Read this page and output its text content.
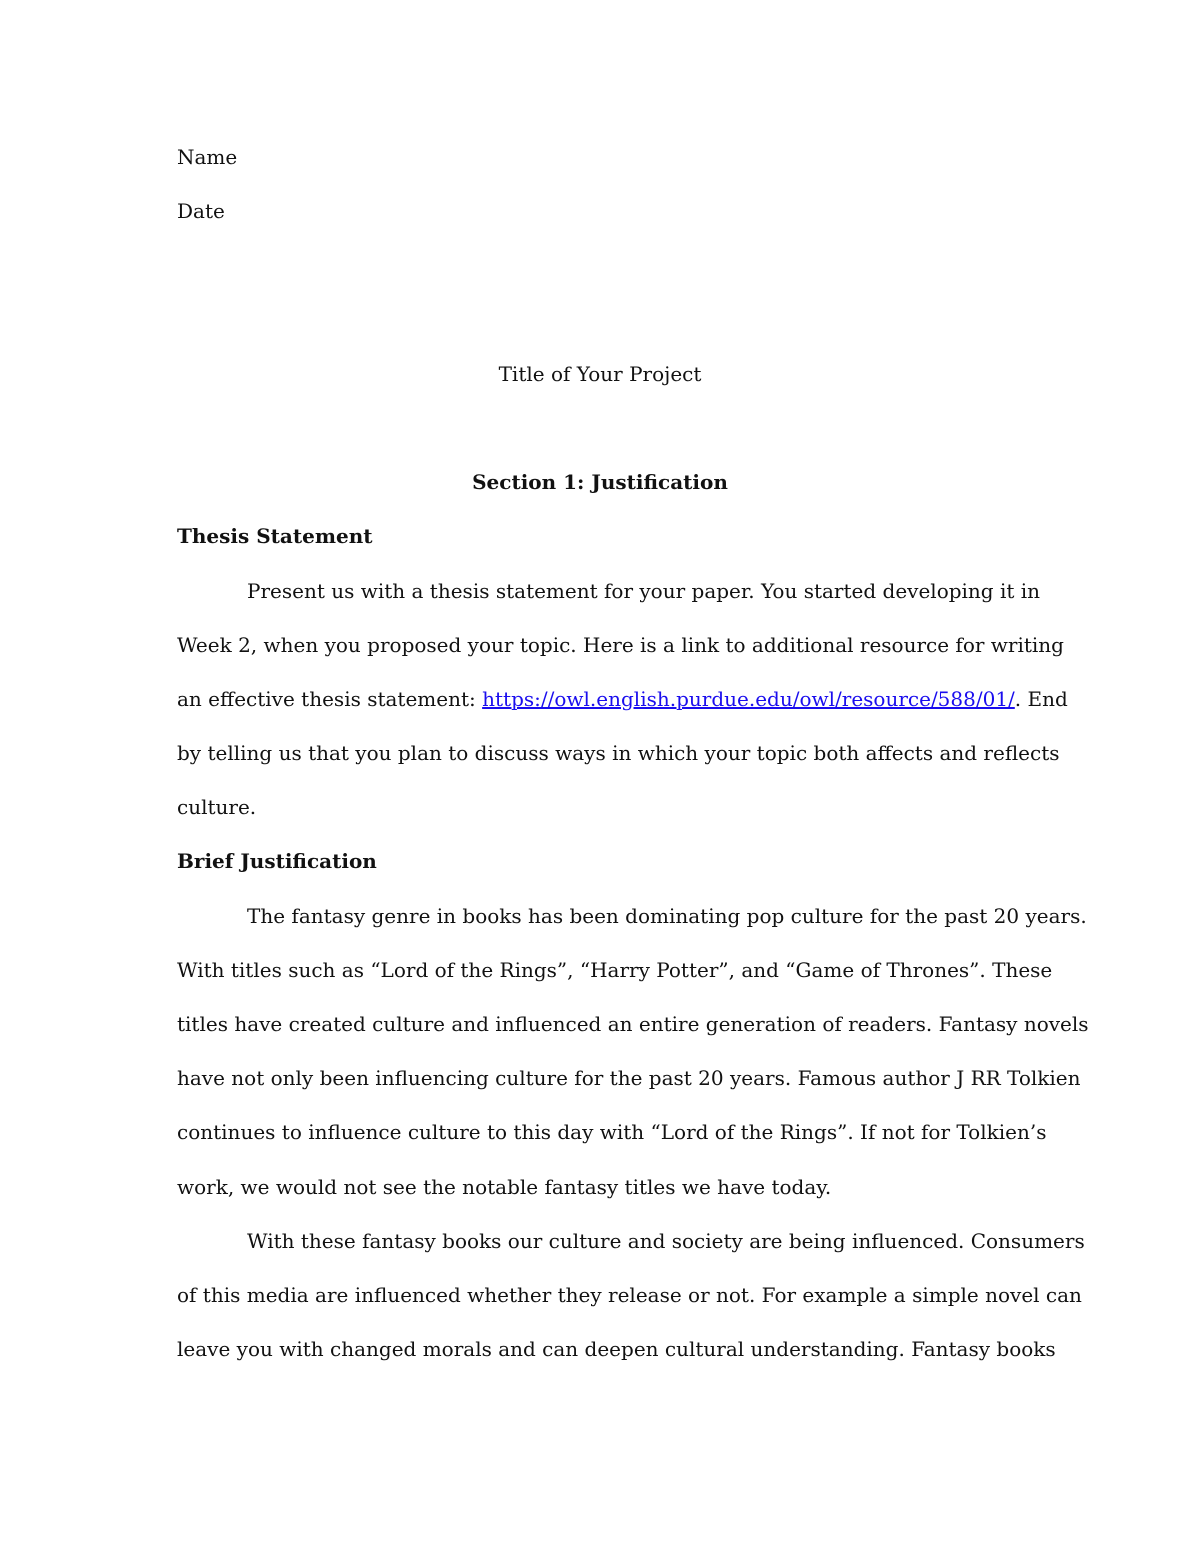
Name
Date
Title of Your Project
Section 1: Justification
Thesis Statement
Present us with a thesis statement for your paper. You started developing it in
Week 2, when you proposed your topic. Here is a link to additional resource for writing
an effective thesis statement: https://owl.english.purdue.edu/owl/resource/588/01/. End
by telling us that you plan to discuss ways in which your topic both affects and reflects
culture.
Brief Justification
The fantasy genre in books has been dominating pop culture for the past 20 years.
With titles such as “Lord of the Rings”, “Harry Potter”, and “Game of Thrones”. These
titles have created culture and influenced an entire generation of readers. Fantasy novels
have not only been influencing culture for the past 20 years. Famous author J RR Tolkien
continues to influence culture to this day with “Lord of the Rings”. If not for Tolkien’s
work, we would not see the notable fantasy titles we have today.
With these fantasy books our culture and society are being influenced. Consumers
of this media are influenced whether they release or not. For example a simple novel can
leave you with changed morals and can deepen cultural understanding. Fantasy books
